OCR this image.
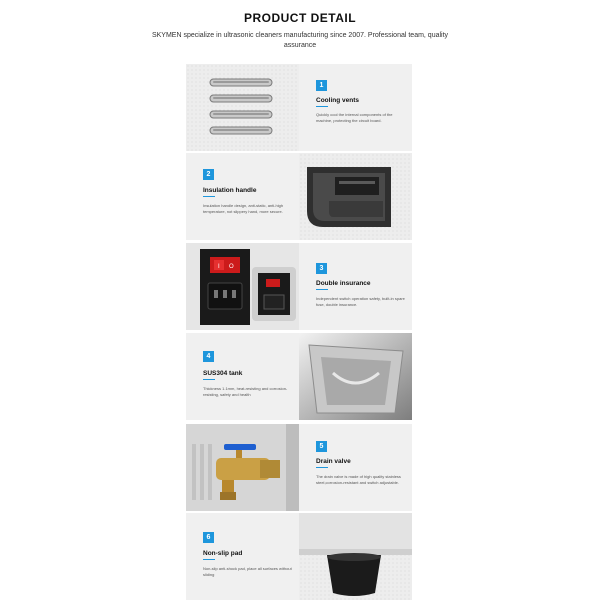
PRODUCT DETAIL
SKYMEN specialize in ultrasonic cleaners manufacturing since 2007. Professional team, quality assurance
1
Cooling vents
Quickly cool the internal components of the machine, protecting the circuit board.
2
Insulation handle
Insulation handle design, anti-static, anti-high temperature, not slippery hand, more secure.
I O	3
Double insurance
Independent switch operation safety, built-in spare fuse, double insurance.
4
SUS304 tank
Thickness 1.1mm, heat-resisting and corrosion-resisting, safety and health
5
Drain valve
The drain valve is made of high quality stainless steel,corrosion-resistant and switch adjustable.
6
Non-slip pad
Non-slip anti-shock pad, place all surfaces without sliding
